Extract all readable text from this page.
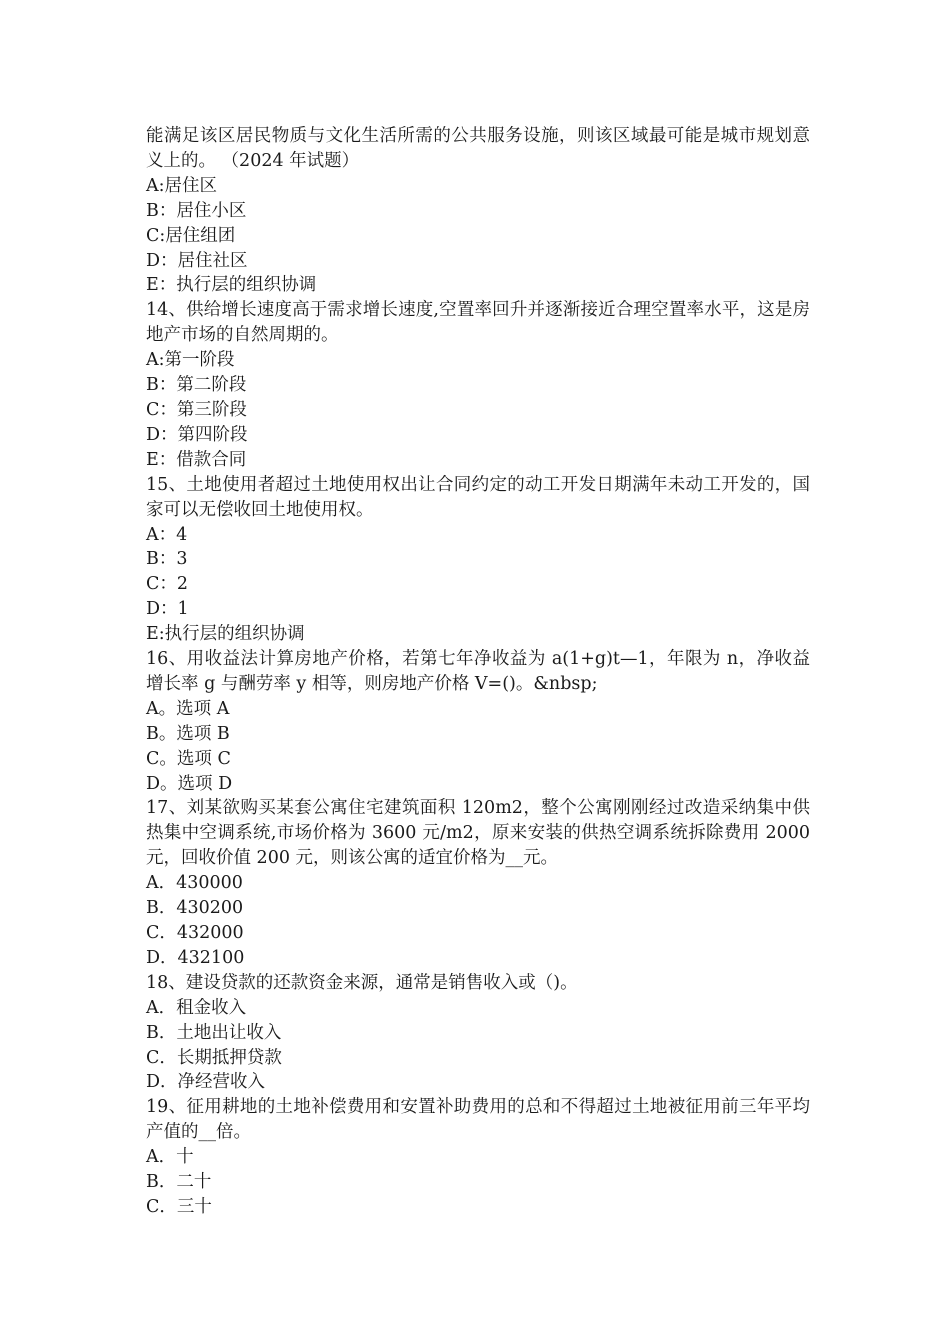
能满足该区居民物质与文化生活所需的公共服务设施，则该区域最可能是城市规划意义上的。 （2024 年试题）

A:居住区

B：居住小区

C:居住组团

D：居住社区

E：执行层的组织协调

14、供给增长速度高于需求增长速度,空置率回升并逐渐接近合理空置率水平，这是房地产市场的自然周期的。

A:第一阶段

B：第二阶段

C：第三阶段

D：第四阶段

E：借款合同

15、土地使用者超过土地使用权出让合同约定的动工开发日期满年未动工开发的，国家可以无偿收回土地使用权。

A：4

B：3

C：2

D：1

E:执行层的组织协调

16、用收益法计算房地产价格，若第七年净收益为 a(1+g)t—1，年限为 n，净收益增长率 g 与酬劳率 y 相等，则房地产价格 V=()。&nbsp;

A。选项 A

B。选项 B

C。选项 C

D。选项 D

17、刘某欲购买某套公寓住宅建筑面积 120m2，整个公寓刚刚经过改造采纳集中供热集中空调系统,市场价格为 3600 元/m2，原来安装的供热空调系统拆除费用 2000 元，回收价值 200 元，则该公寓的适宜价格为__元。

A．430000

B．430200

C．432000

D．432100

18、建设贷款的还款资金来源，通常是销售收入或（)。

A．租金收入

B．土地出让收入

C．长期抵押贷款

D．净经营收入

19、征用耕地的土地补偿费用和安置补助费用的总和不得超过土地被征用前三年平均产值的__倍。

A．十

B．二十

C．三十
